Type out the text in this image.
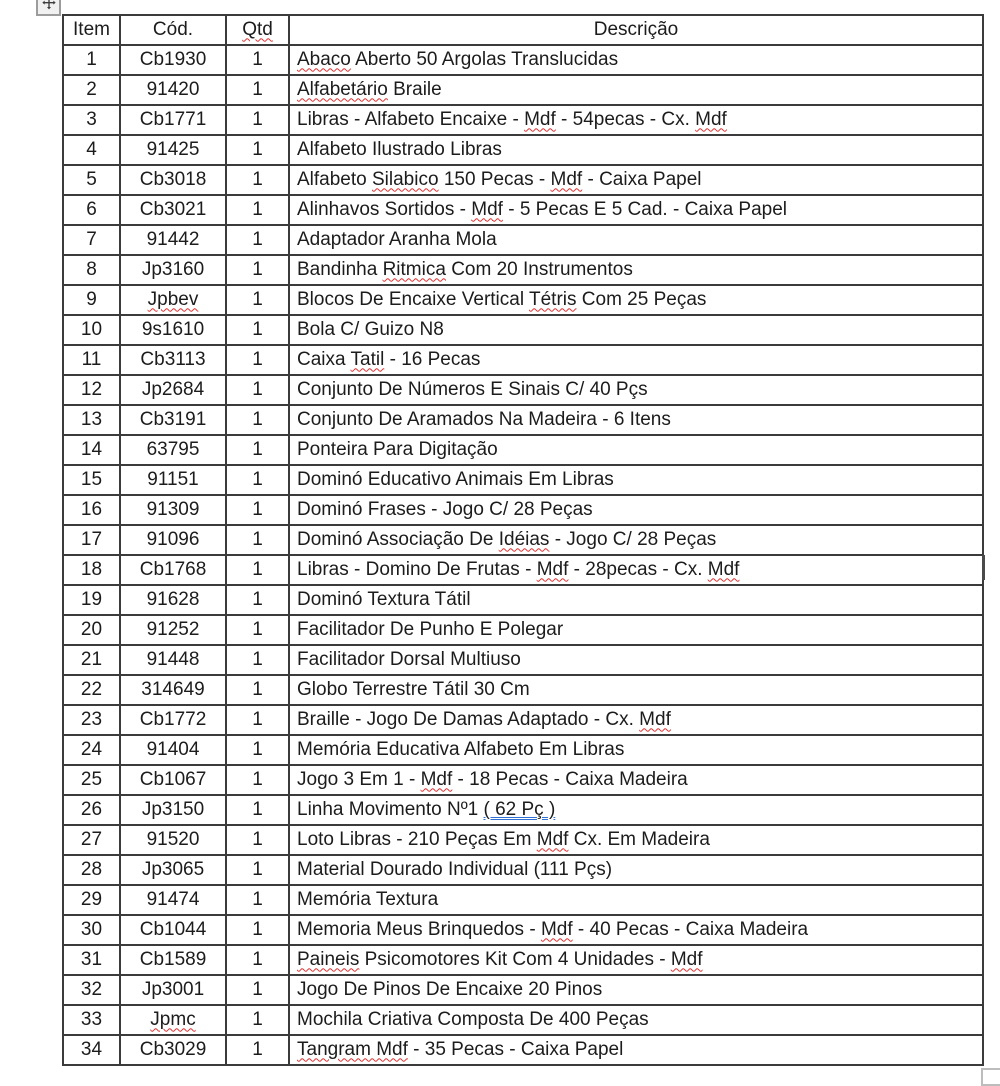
Item	Cód.	Qtd	Descrição
1	Cb1930	1	Abaco Aberto 50 Argolas Translucidas
2	91420	1	Alfabetário Braile
3	Cb1771	1	Libras - Alfabeto Encaixe - Mdf - 54pecas - Cx. Mdf
4	91425	1	Alfabeto Ilustrado Libras
5	Cb3018	1	Alfabeto Silabico 150 Pecas - Mdf - Caixa Papel
6	Cb3021	1	Alinhavos Sortidos - Mdf - 5 Pecas E 5 Cad. - Caixa Papel
7	91442	1	Adaptador Aranha Mola
8	Jp3160	1	Bandinha Ritmica Com 20 Instrumentos
9	Jpbev	1	Blocos De Encaixe Vertical Tétris Com 25 Peças
10	9s1610	1	Bola C/ Guizo N8
11	Cb3113	1	Caixa Tatil - 16 Pecas
12	Jp2684	1	Conjunto De Números E Sinais C/ 40 Pçs
13	Cb3191	1	Conjunto De Aramados Na Madeira - 6 Itens
14	63795	1	Ponteira Para Digitação
15	91151	1	Dominó Educativo Animais Em Libras
16	91309	1	Dominó Frases - Jogo C/ 28 Peças
17	91096	1	Dominó Associação De Idéias - Jogo C/ 28 Peças
18	Cb1768	1	Libras - Domino De Frutas - Mdf - 28pecas - Cx. Mdf
19	91628	1	Dominó Textura Tátil
20	91252	1	Facilitador De Punho E Polegar
21	91448	1	Facilitador Dorsal Multiuso
22	314649	1	Globo Terrestre Tátil 30 Cm
23	Cb1772	1	Braille - Jogo De Damas Adaptado - Cx. Mdf
24	91404	1	Memória Educativa Alfabeto Em Libras
25	Cb1067	1	Jogo 3 Em 1 - Mdf - 18 Pecas - Caixa Madeira
26	Jp3150	1	Linha Movimento Nº1 ( 62 Pç )
27	91520	1	Loto Libras - 210 Peças Em Mdf Cx. Em Madeira
28	Jp3065	1	Material Dourado Individual (111 Pçs)
29	91474	1	Memória Textura
30	Cb1044	1	Memoria Meus Brinquedos - Mdf - 40 Pecas - Caixa Madeira
31	Cb1589	1	Paineis Psicomotores Kit Com 4 Unidades - Mdf
32	Jp3001	1	Jogo De Pinos De Encaixe 20 Pinos
33	Jpmc	1	Mochila Criativa Composta De 400 Peças
34	Cb3029	1	Tangram Mdf - 35 Pecas - Caixa Papel
